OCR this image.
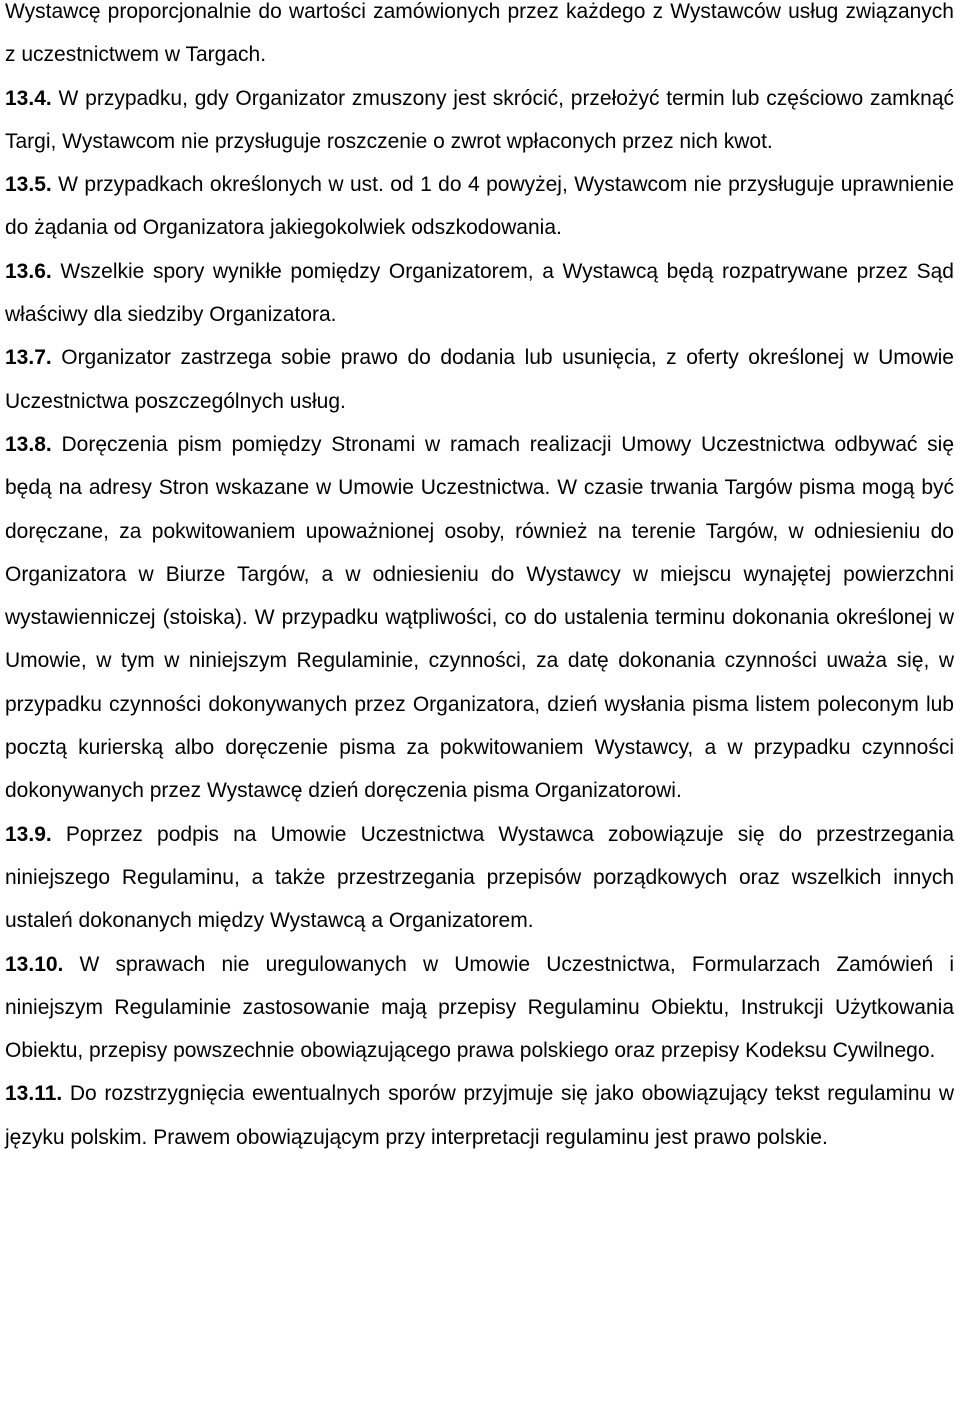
Wystawcę proporcjonalnie do wartości zamówionych przez każdego z Wystawców usług związanych z uczestnictwem w Targach.

13.4. W przypadku, gdy Organizator zmuszony jest skrócić, przełożyć termin lub częściowo zamknąć Targi, Wystawcom nie przysługuje roszczenie o zwrot wpłaconych przez nich kwot.

13.5. W przypadkach określonych w ust. od 1 do 4 powyżej, Wystawcom nie przysługuje uprawnienie do żądania od Organizatora jakiegokolwiek odszkodowania.

13.6. Wszelkie spory wynikłe pomiędzy Organizatorem, a Wystawcą będą rozpatrywane przez Sąd właściwy dla siedziby Organizatora.

13.7. Organizator zastrzega sobie prawo do dodania lub usunięcia, z oferty określonej w Umowie Uczestnictwa poszczególnych usług.

13.8. Doręczenia pism pomiędzy Stronami w ramach realizacji Umowy Uczestnictwa odbywać się będą na adresy Stron wskazane w Umowie Uczestnictwa. W czasie trwania Targów pisma mogą być doręczane, za pokwitowaniem upoważnionej osoby, również na terenie Targów, w odniesieniu do Organizatora w Biurze Targów, a w odniesieniu do Wystawcy w miejscu wynajętej powierzchni wystawienniczej (stoiska). W przypadku wątpliwości, co do ustalenia terminu dokonania określonej w Umowie, w tym w niniejszym Regulaminie, czynności, za datę dokonania czynności uważa się, w przypadku czynności dokonywanych przez Organizatora, dzień wysłania pisma listem poleconym lub pocztą kurierską albo doręczenie pisma za pokwitowaniem Wystawcy, a w przypadku czynności dokonywanych przez Wystawcę dzień doręczenia pisma Organizatorowi.

13.9. Poprzez podpis na Umowie Uczestnictwa Wystawca zobowiązuje się do przestrzegania niniejszego Regulaminu, a także przestrzegania przepisów porządkowych oraz wszelkich innych ustaleń dokonanych między Wystawcą a Organizatorem.

13.10. W sprawach nie uregulowanych w Umowie Uczestnictwa, Formularzach Zamówień i niniejszym Regulaminie zastosowanie mają przepisy Regulaminu Obiektu, Instrukcji Użytkowania Obiektu, przepisy powszechnie obowiązującego prawa polskiego oraz przepisy Kodeksu Cywilnego.

13.11. Do rozstrzygnięcia ewentualnych sporów przyjmuje się jako obowiązujący tekst regulaminu w języku polskim. Prawem obowiązującym przy interpretacji regulaminu jest prawo polskie.
